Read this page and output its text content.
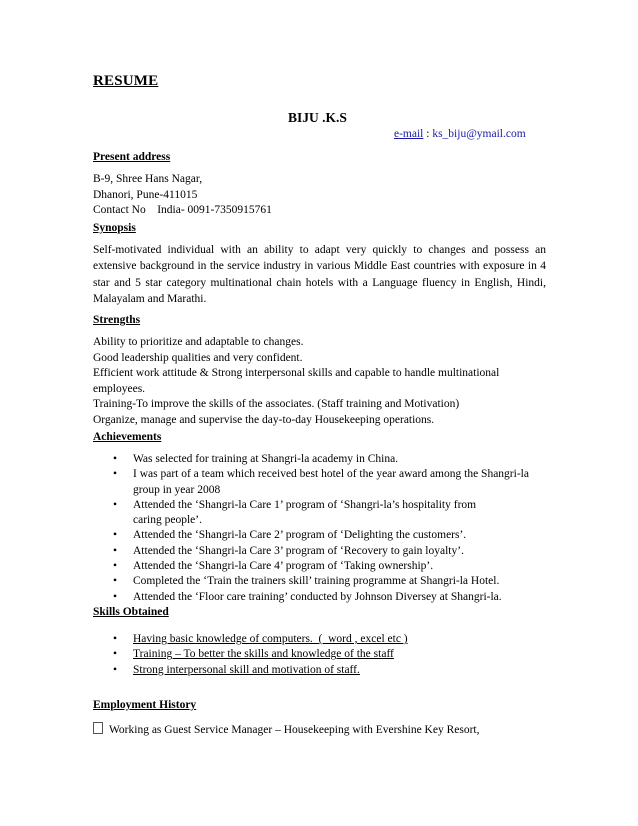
RESUME
BIJU .K.S
e-mail : ks_biju@ymail.com
Present address
B-9, Shree Hans Nagar,
Dhanori, Pune-411015
Contact No    India- 0091-7350915761
Synopsis
Self-motivated individual with an ability to adapt very quickly to changes and possess an extensive background in the service industry in various Middle East countries with exposure in 4 star and 5 star category multinational chain hotels with a Language fluency in English, Hindi, Malayalam and Marathi.
Strengths
Ability to prioritize and adaptable to changes.
Good leadership qualities and very confident.
Efficient work attitude & Strong interpersonal skills and capable to handle multinational
employees.
Training-To improve the skills of the associates. (Staff training and Motivation)
Organize, manage and supervise the day-to-day Housekeeping operations.
Achievements
• Was selected for training at Shangri-la academy in China.
• I was part of a team which received best hotel of the year award among the Shangri-la group in year 2008
• Attended the ‘Shangri-la Care 1’ program of ‘Shangri-la’s hospitality from caring people’.
• Attended the ‘Shangri-la Care 2’ program of ‘Delighting the customers’.
• Attended the ‘Shangri-la Care 3’ program of ‘Recovery to gain loyalty’.
• Attended the ‘Shangri-la Care 4’ program of ‘Taking ownership’.
• Completed the ‘Train the trainers skill’ training programme at Shangri-la Hotel.
• Attended the ‘Floor care training’ conducted by Johnson Diversey at Shangri-la.
Skills Obtained
• Having basic knowledge of computers.  (  word , excel etc )
• Training – To better the skills and knowledge of the staff
• Strong interpersonal skill and motivation of staff.
Employment History
Working as Guest Service Manager – Housekeeping with Evershine Key Resort,
